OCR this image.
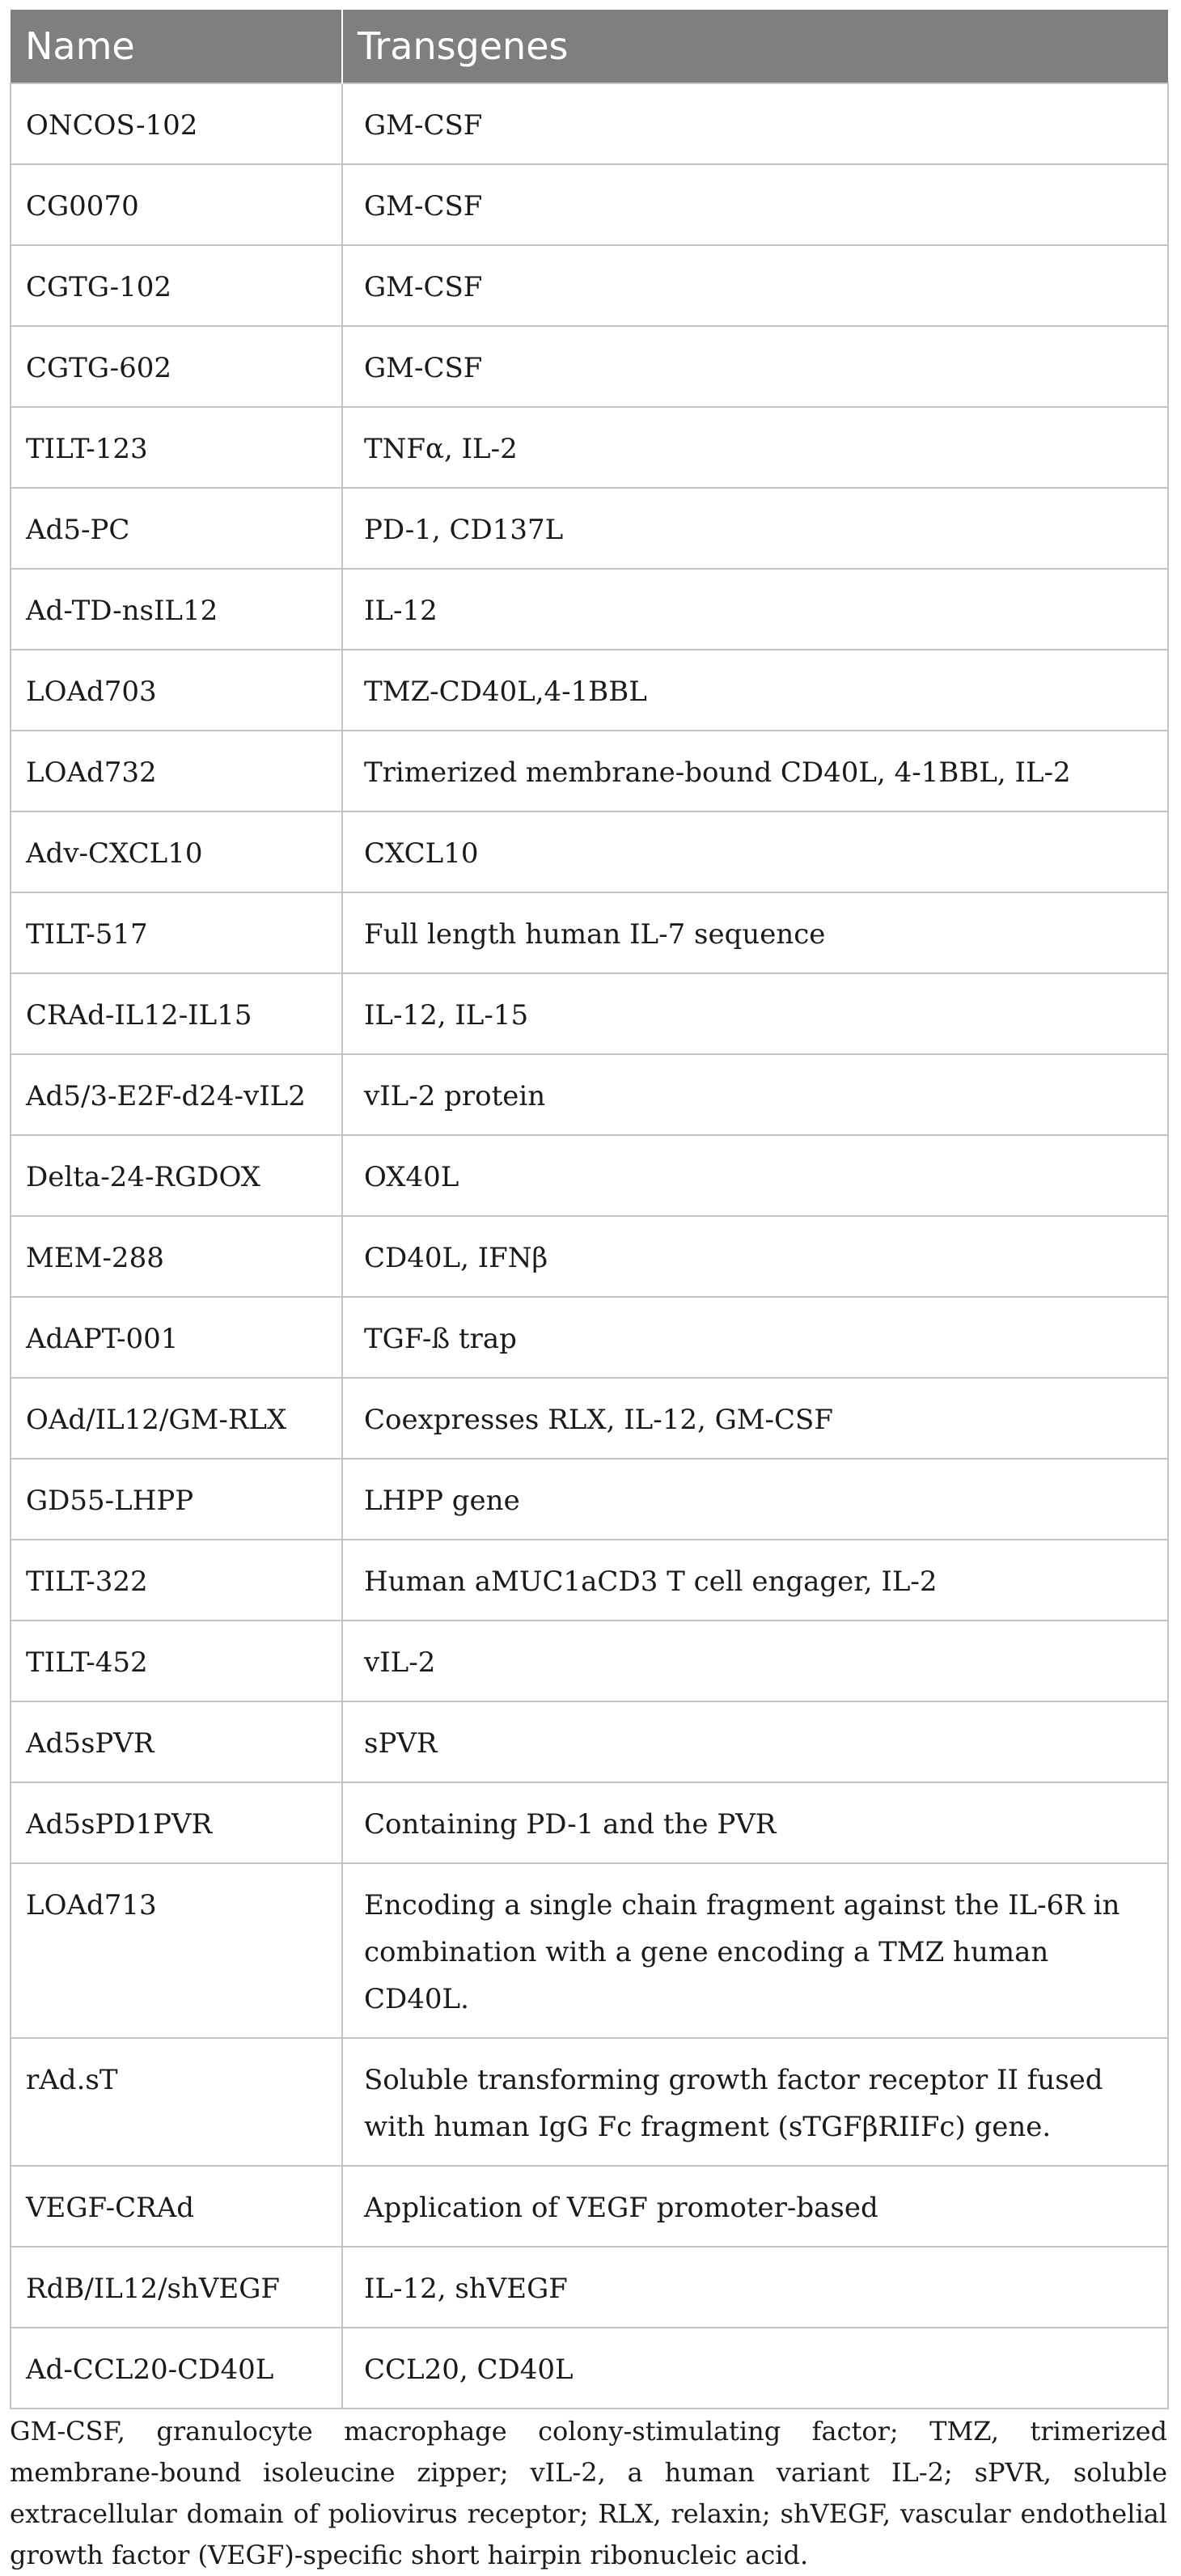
Name	Transgenes
ONCOS-102	GM-CSF
CG0070	GM-CSF
CGTG-102	GM-CSF
CGTG-602	GM-CSF
TILT-123	TNFα, IL-2
Ad5-PC	PD-1, CD137L
Ad-TD-nsIL12	IL-12
LOAd703	TMZ-CD40L,4-1BBL
LOAd732	Trimerized membrane-bound CD40L, 4-1BBL, IL-2
Adv-CXCL10	CXCL10
TILT-517	Full length human IL-7 sequence
CRAd-IL12-IL15	IL-12, IL-15
Ad5/3-E2F-d24-vIL2	vIL-2 protein
Delta-24-RGDOX	OX40L
MEM-288	CD40L, IFNβ
AdAPT-001	TGF-ß trap
OAd/IL12/GM-RLX	Coexpresses RLX, IL-12, GM-CSF
GD55-LHPP	LHPP gene
TILT-322	Human aMUC1aCD3 T cell engager, IL-2
TILT-452	vIL-2
Ad5sPVR	sPVR
Ad5sPD1PVR	Containing PD-1 and the PVR
LOAd713	Encoding a single chain fragment against the IL-6R in combination with a gene encoding a TMZ human CD40L.
rAd.sT	Soluble transforming growth factor receptor II fused with human IgG Fc fragment (sTGFβRIIFc) gene.
VEGF-CRAd	Application of VEGF promoter-based
RdB/IL12/shVEGF	IL-12, shVEGF
Ad-CCL20-CD40L	CCL20, CD40L

GM-CSF, granulocyte macrophage colony-stimulating factor; TMZ, trimerized membrane-bound isoleucine zipper; vIL-2, a human variant IL-2; sPVR, soluble extracellular domain of poliovirus receptor; RLX, relaxin; shVEGF, vascular endothelial growth factor (VEGF)-specific short hairpin ribonucleic acid.
